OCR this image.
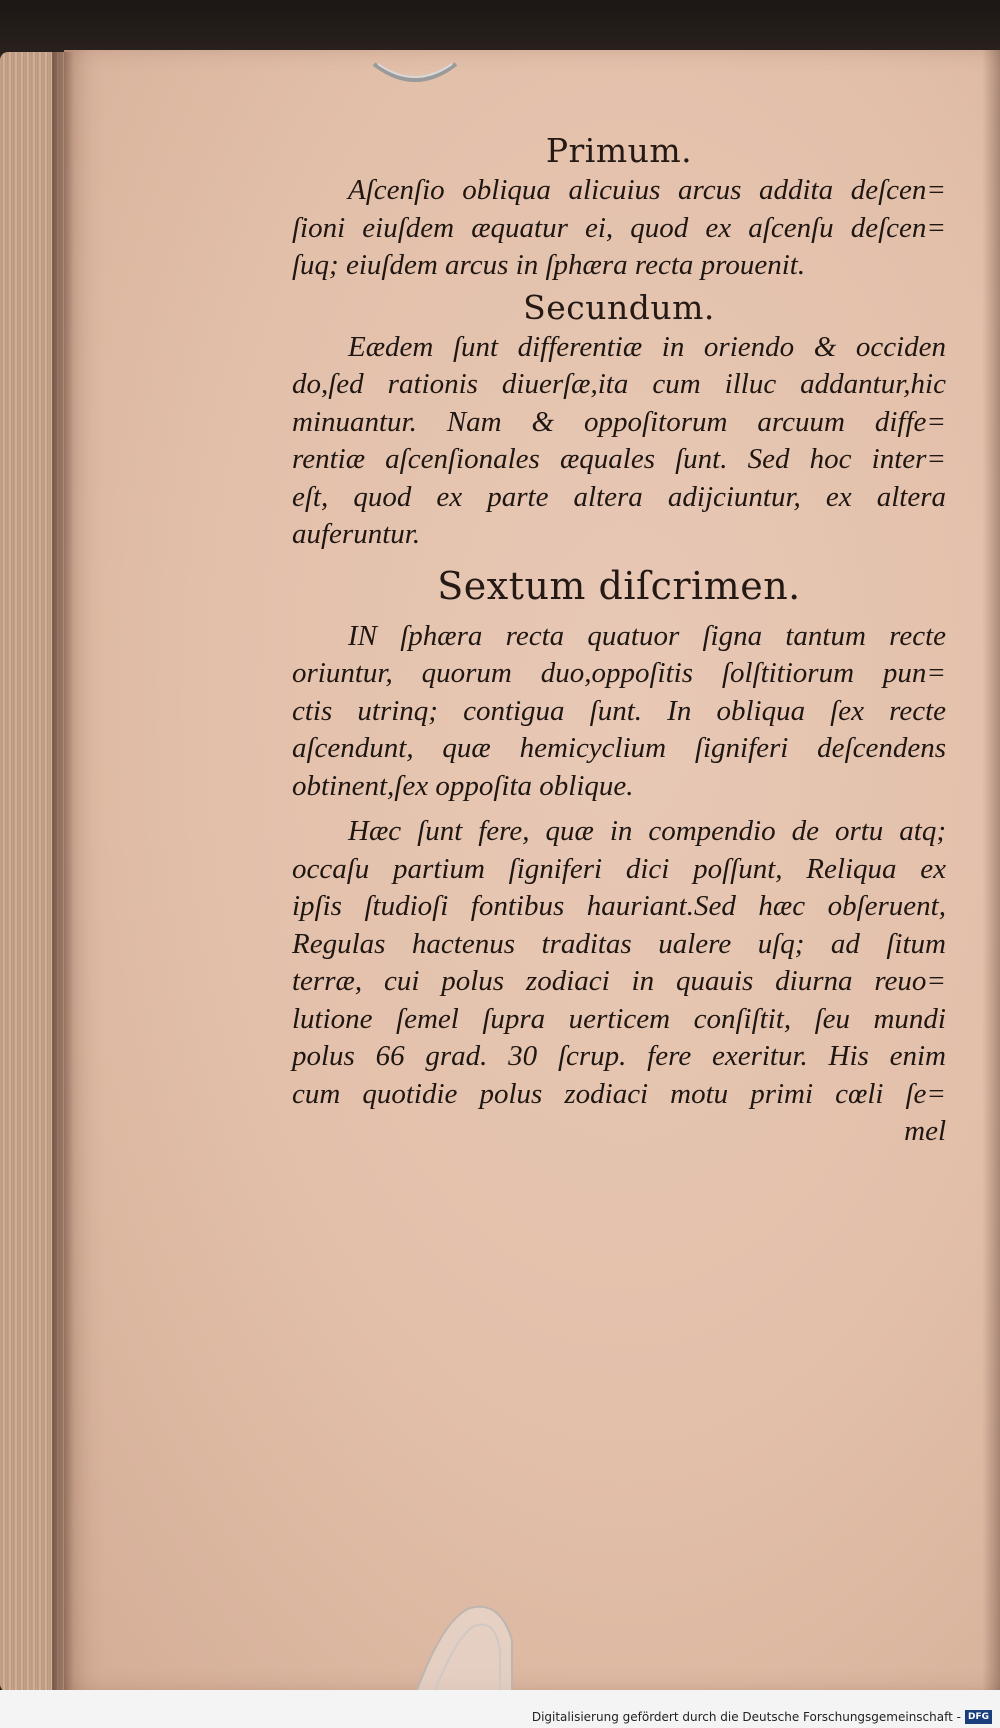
Primum.
Aſcenſio obliqua alicuius arcus addita deſcen=
ſioni eiuſdem æquatur ei, quod ex aſcenſu deſcen=
ſuq; eiuſdem arcus in ſphæra recta prouenit.
Secundum.
Eædem ſunt differentiæ in oriendo & occiden
do,ſed rationis diuerſæ,ita cum illuc addantur,hic
minuantur. Nam & oppoſitorum arcuum diffe=
rentiæ aſcenſionales æquales ſunt. Sed hoc inter=
eſt, quod ex parte altera adijciuntur, ex altera
auferuntur.
Sextum diſcrimen.
IN ſphæra recta quatuor ſigna tantum recte
oriuntur, quorum duo,oppoſitis ſolſtitiorum pun=
ctis utrinq; contigua ſunt. In obliqua ſex recte
aſcendunt, quæ hemicyclium ſigniferi deſcendens
obtinent,ſex oppoſita oblique.
Hæc ſunt fere, quæ in compendio de ortu atq;
occaſu partium ſigniferi dici poſſunt, Reliqua ex
ipſis ſtudioſi fontibus hauriant.Sed hæc obſeruent,
Regulas hactenus traditas ualere uſq; ad ſitum
terræ, cui polus zodiaci in quauis diurna reuo=
lutione ſemel ſupra uerticem conſiſtit, ſeu mundi
polus 66 grad. 30 ſcrup. fere exeritur. His enim
cum quotidie polus zodiaci motu primi cœli ſe=
mel
Digitalisierung gefördert durch die Deutsche Forschungsgemeinschaft - DFG
